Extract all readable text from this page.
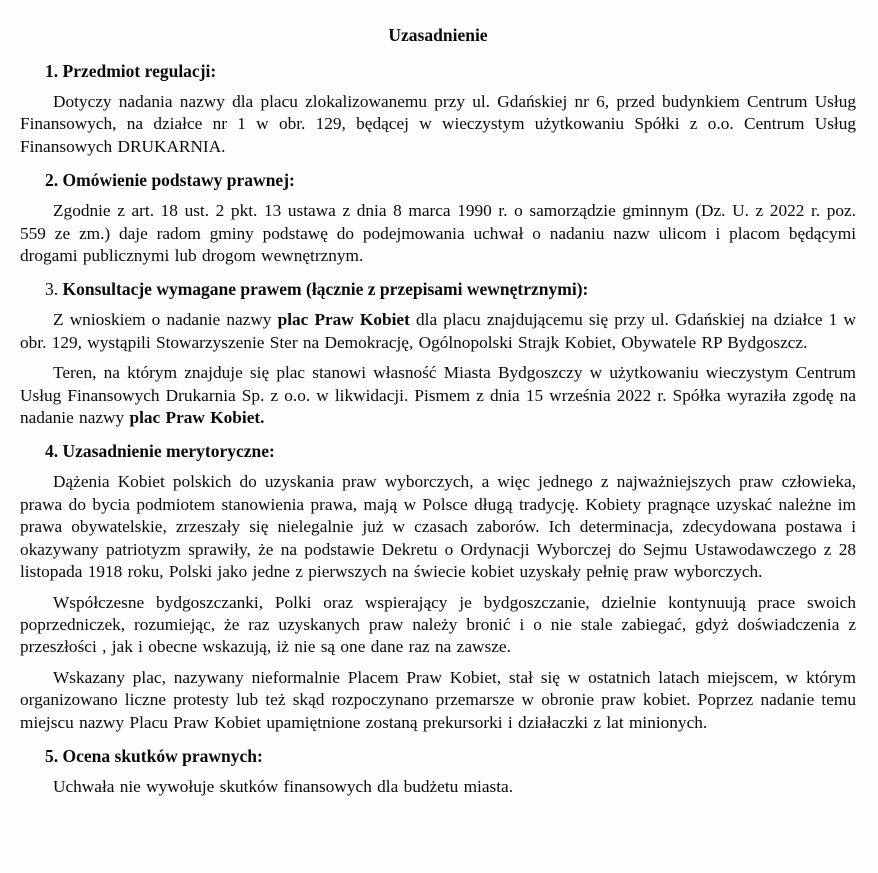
Uzasadnienie
1. Przedmiot regulacji:

Dotyczy nadania nazwy dla placu zlokalizowanemu przy ul. Gdańskiej nr 6, przed budynkiem Centrum Usług Finansowych, na działce nr 1 w obr. 129, będącej w wieczystym użytkowaniu Spółki z o.o. Centrum Usług Finansowych DRUKARNIA.

2. Omówienie podstawy prawnej:

Zgodnie z art. 18 ust. 2 pkt. 13 ustawa z dnia 8 marca 1990 r. o samorządzie gminnym (Dz. U. z 2022 r. poz. 559 ze zm.) daje radom gminy podstawę do podejmowania uchwał o nadaniu nazw ulicom i placom będącymi drogami publicznymi lub drogom wewnętrznym.

3. Konsultacje wymagane prawem (łącznie z przepisami wewnętrznymi):

Z wnioskiem o nadanie nazwy plac Praw Kobiet dla placu znajdującemu się przy ul. Gdańskiej na działce 1 w obr. 129, wystąpili Stowarzyszenie Ster na Demokrację, Ogólnopolski Strajk Kobiet, Obywatele RP Bydgoszcz.

Teren, na którym znajduje się plac stanowi własność Miasta Bydgoszczy w użytkowaniu wieczystym Centrum Usług Finansowych Drukarnia Sp. z o.o. w likwidacji. Pismem z dnia 15 września 2022 r. Spółka wyraziła zgodę na nadanie nazwy plac Praw Kobiet.

4. Uzasadnienie merytoryczne:

Dążenia Kobiet polskich do uzyskania praw wyborczych, a więc jednego z najważniejszych praw człowieka, prawa do bycia podmiotem stanowienia prawa, mają w Polsce długą tradycję. Kobiety pragnące uzyskać należne im prawa obywatelskie, zrzeszały się nielegalnie już w czasach zaborów. Ich determinacja, zdecydowana postawa i okazywany patriotyzm sprawiły, że na podstawie Dekretu o Ordynacji Wyborczej do Sejmu Ustawodawczego z 28 listopada 1918 roku, Polski jako jedne z pierwszych na świecie kobiet uzyskały pełnię praw wyborczych.

Współczesne bydgoszczanki, Polki oraz wspierający je bydgoszczanie, dzielnie kontynuują prace swoich poprzedniczek, rozumiejąc, że raz uzyskanych praw należy bronić i o nie stale zabiegać, gdyż doświadczenia z przeszłości , jak i obecne wskazują, iż nie są one dane raz na zawsze.

Wskazany plac, nazywany nieformalnie Placem Praw Kobiet, stał się w ostatnich latach miejscem, w którym organizowano liczne protesty lub też skąd rozpoczynano przemarsze w obronie praw kobiet. Poprzez nadanie temu miejscu nazwy Placu Praw Kobiet upamiętnione zostaną prekursorki i działaczki z lat minionych.

5. Ocena skutków prawnych:

Uchwała nie wywołuje skutków finansowych dla budżetu miasta.
